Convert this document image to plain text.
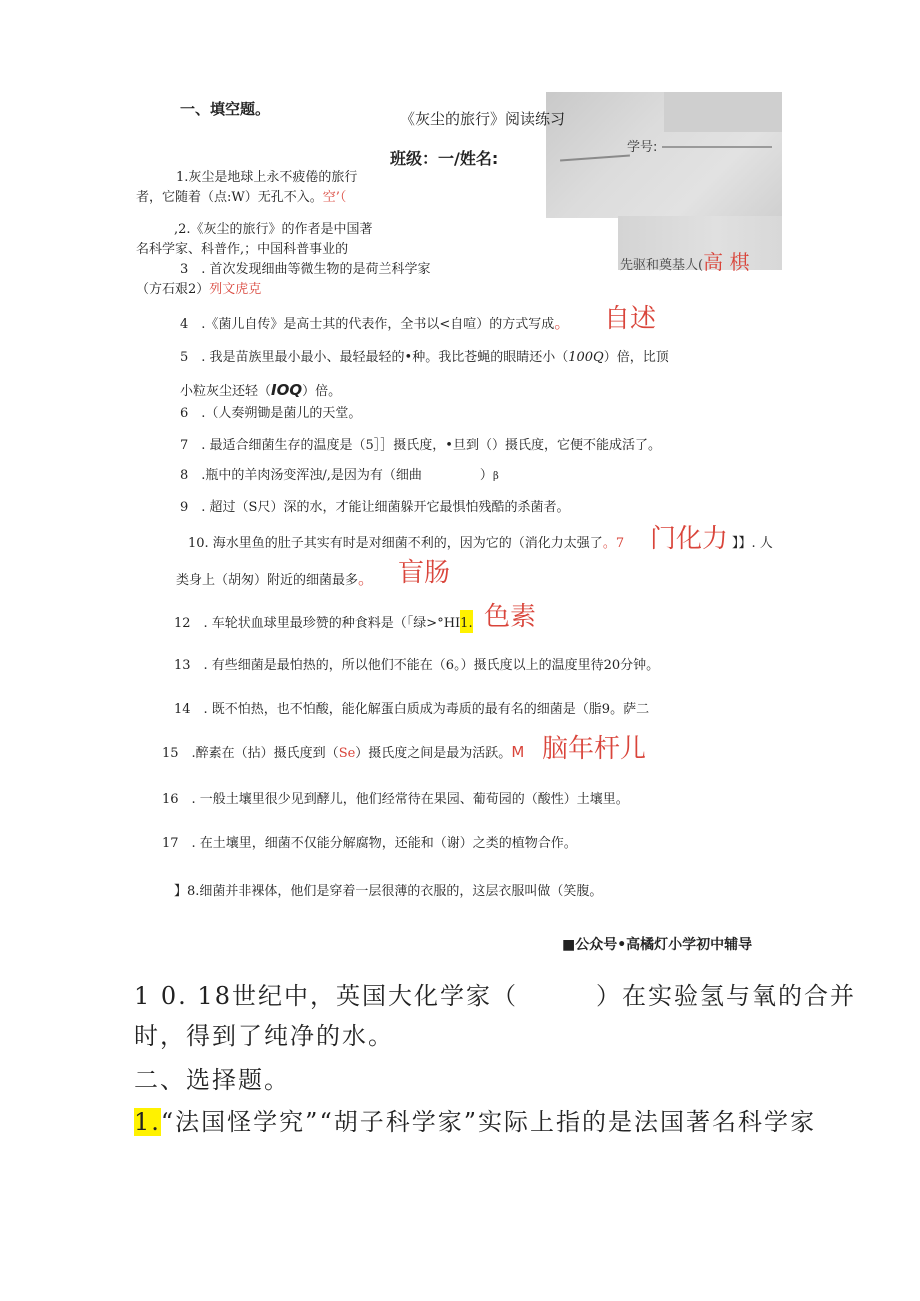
一、填空题。
《灰尘的旅行》阅读练习
班级：一/姓名:
学号:
先驱和奠基人(高 棋
1.灰尘是地球上永不疲倦的旅行
者，它随着（点:W）无孔不入。空’（
,2.《灰尘的旅行》的作者是中国著
名科学家、科普作,；中国科普事业的
3　. 首次发现细曲等微生物的是荷兰科学家
（方石艰2）列文虎克
4　.《菌儿自传》是高士其的代表作，全书以<自喧）的方式写成。 自述
5　. 我是苗族里最小最小、最轻最轻的•种。我比苍蝇的眼睛还小（100Q）倍，比顶
小粒灰尘还轻（IOQ）倍。
6　.（人奏朔锄是菌儿的天堂。
7　. 最适合细菌生存的温度是（5］］摄氏度，•旦到（）摄氏度，它便不能成活了。
8　.瓶中的羊肉汤变浑浊/,是因为有（细曲	）β
9　. 超过（S尺）深的水，才能让细菌躲开它最惧怕残酷的杀菌者。
10. 海水里鱼的肚子其实有时是对细菌不利的，因为它的（消化力太强了。7 门化力 】】. 人
类身上（胡匆）附近的细菌最多。 盲肠
12　. 车轮状血球里最珍赞的种食料是（「绿>°HI1. 色素
13　. 有些细菌是最怕热的，所以他们不能在（6。）摄氏度以上的温度里待20分钟。
14　. 既不怕热，也不怕酸，能化解蛋白质成为毒质的最有名的细菌是（脂9。萨二
15　.醉素在（拈）摄氏度到（Se）摄氏度之间是最为活跃。M 脑年杆儿
16　. 一般土壤里很少见到酵儿，他们经常待在果园、葡荀园的（酸性）土壤里。
17　. 在土壤里，细菌不仅能分解腐物，还能和（谢）之类的植物合作。
】8.细菌并非裸体，他们是穿着一层很薄的衣服的，这层衣服叫做（笑腹。
■公众号•高橘灯小学初中辅导
1 0. 18世纪中，英国大化学家（　　　）在实验氢与氧的合并
时，得到了纯净的水。
二、选择题。
1.“法国怪学究”“胡子科学家”实际上指的是法国著名科学家
